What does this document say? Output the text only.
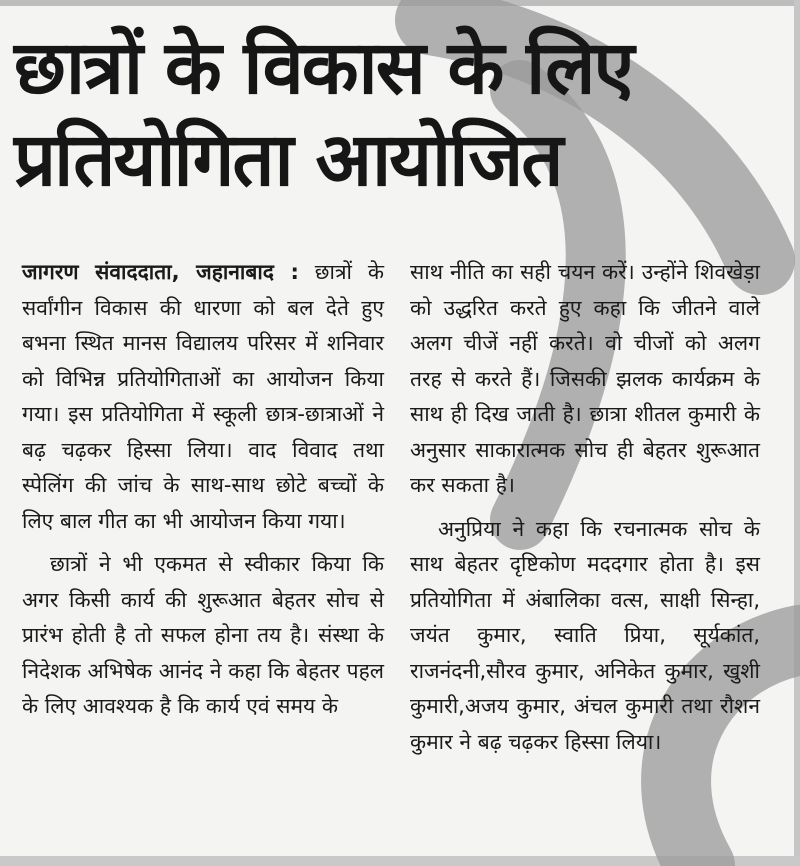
छात्रों के विकास के लिए
प्रतियोगिता आयोजित

जागरण संवाददाता, जहानाबाद : छात्रों के सर्वांगीन विकास की धारणा को बल देते हुए बभना स्थित मानस विद्यालय परिसर में शनिवार को विभिन्न प्रतियोगिताओं का आयोजन किया गया। इस प्रतियोगिता में स्कूली छात्र-छात्राओं ने बढ़ चढ़कर हिस्सा लिया। वाद विवाद तथा स्पेलिंग की जांच के साथ-साथ छोटे बच्चों के लिए बाल गीत का भी आयोजन किया गया।

छात्रों ने भी एकमत से स्वीकार किया कि अगर किसी कार्य की शुरूआत बेहतर सोच से प्रारंभ होती है तो सफल होना तय है। संस्था के निदेशक अभिषेक आनंद ने कहा कि बेहतर पहल के लिए आवश्यक है कि कार्य एवं समय के

साथ नीति का सही चयन करें। उन्होंने शिवखेड़ा को उद्धरित करते हुए कहा कि जीतने वाले अलग चीजें नहीं करते। वो चीजों को अलग तरह से करते हैं। जिसकी झलक कार्यक्रम के साथ ही दिख जाती है। छात्रा शीतल कुमारी के अनुसार साकारात्मक सोच ही बेहतर शुरूआत कर सकता है।

अनुप्रिया ने कहा कि रचनात्मक सोच के साथ बेहतर दृष्टिकोण मददगार होता है। इस प्रतियोगिता में अंबालिका वत्स, साक्षी सिन्हा, जयंत कुमार, स्वाति प्रिया, सूर्यकांत, राजनंदनी,सौरव कुमार, अनिकेत कुमार, खुशी कुमारी,अजय कुमार, अंचल कुमारी तथा रौशन कुमार ने बढ़ चढ़कर हिस्सा लिया।
